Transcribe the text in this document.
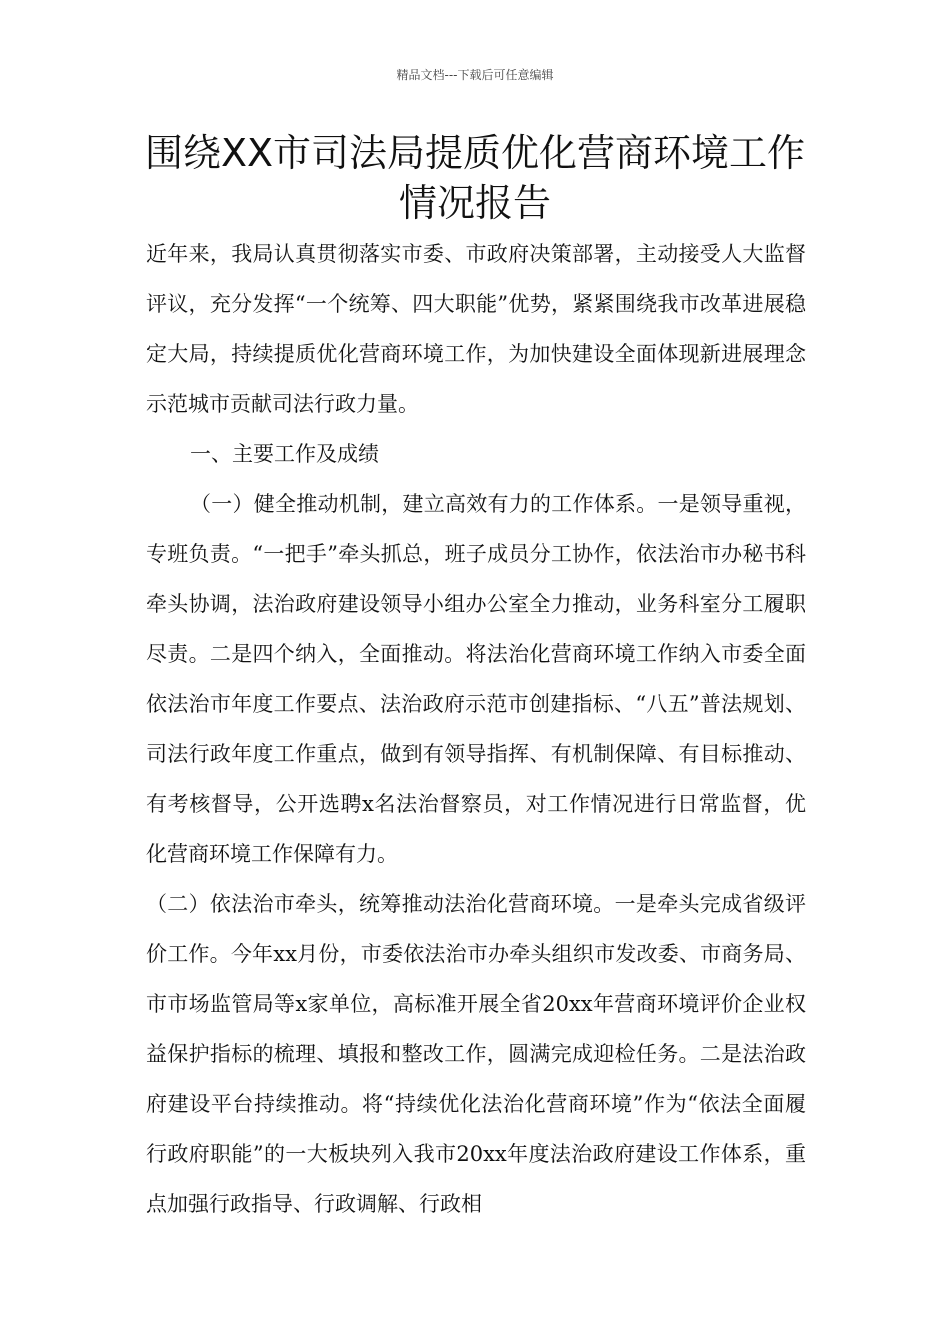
精品文档---下载后可任意编辑
围绕XX市司法局提质优化营商环境工作情况报告

近年来，我局认真贯彻落实市委、市政府决策部署，主动接受人大监督评议，充分发挥“一个统筹、四大职能”优势，紧紧围绕我市改革进展稳定大局，持续提质优化营商环境工作，为加快建设全面体现新进展理念示范城市贡献司法行政力量。

一、主要工作及成绩

（一）健全推动机制，建立高效有力的工作体系。一是领导重视，专班负责。“一把手”牵头抓总，班子成员分工协作，依法治市办秘书科牵头协调，法治政府建设领导小组办公室全力推动，业务科室分工履职尽责。二是四个纳入，全面推动。将法治化营商环境工作纳入市委全面依法治市年度工作要点、法治政府示范市创建指标、“八五”普法规划、司法行政年度工作重点，做到有领导指挥、有机制保障、有目标推动、有考核督导，公开选聘x名法治督察员，对工作情况进行日常监督，优化营商环境工作保障有力。

（二）依法治市牵头，统筹推动法治化营商环境。一是牵头完成省级评价工作。今年xx月份，市委依法治市办牵头组织市发改委、市商务局、市市场监管局等x家单位，高标准开展全省20xx年营商环境评价企业权益保护指标的梳理、填报和整改工作，圆满完成迎检任务。二是法治政府建设平台持续推动。将“持续优化法治化营商环境”作为“依法全面履行政府职能”的一大板块列入我市20xx年度法治政府建设工作体系，重点加强行政指导、行政调解、行政相
